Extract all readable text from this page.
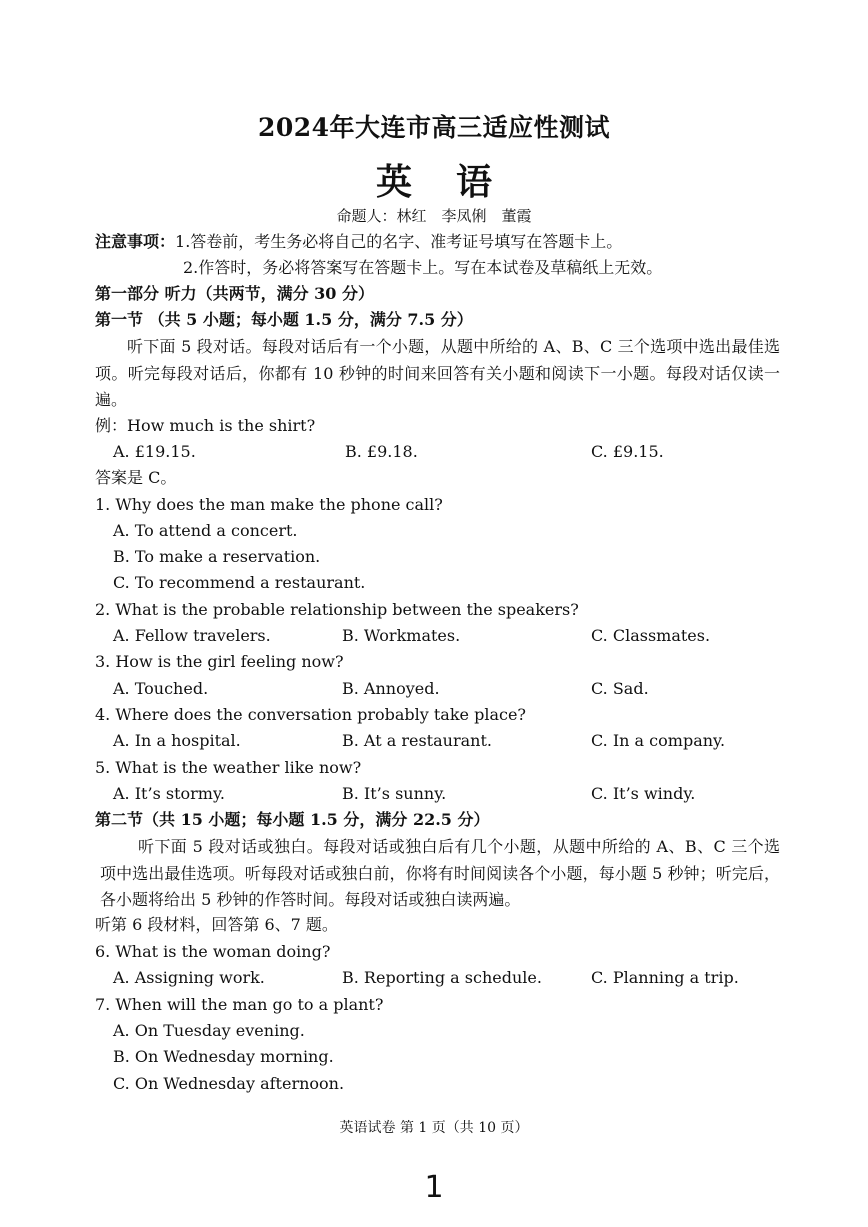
2024年大连市高三适应性测试
英 语
命题人：林红　李凤俐　董霞
注意事项：1.答卷前，考生务必将自己的名字、准考证号填写在答题卡上。
2.作答时，务必将答案写在答题卡上。写在本试卷及草稿纸上无效。
第一部分 听力（共两节，满分 30 分）
第一节 （共 5 小题；每小题 1.5 分，满分 7.5 分）
听下面 5 段对话。每段对话后有一个小题，从题中所给的 A、B、C 三个选项中选出最佳选项。听完每段对话后，你都有 10 秒钟的时间来回答有关小题和阅读下一小题。每段对话仅读一遍。
例：How much is the shirt?
A. £19.15.	B. £9.18.	C. £9.15.
答案是 C。
1. Why does the man make the phone call?
A. To attend a concert.
B. To make a reservation.
C. To recommend a restaurant.
2. What is the probable relationship between the speakers?
A. Fellow travelers.	B. Workmates.	C. Classmates.
3. How is the girl feeling now?
A. Touched.	B. Annoyed.	C. Sad.
4. Where does the conversation probably take place?
A. In a hospital.	B. At a restaurant.	C. In a company.
5. What is the weather like now?
A. It’s stormy.	B. It’s sunny.	C. It’s windy.
第二节（共 15 小题；每小题 1.5 分，满分 22.5 分）
听下面 5 段对话或独白。每段对话或独白后有几个小题，从题中所给的 A、B、C 三个选项中选出最佳选项。听每段对话或独白前，你将有时间阅读各个小题，每小题 5 秒钟；听完后，各小题将给出 5 秒钟的作答时间。每段对话或独白读两遍。
听第 6 段材料，回答第 6、7 题。
6. What is the woman doing?
A. Assigning work.	B. Reporting a schedule.	C. Planning a trip.
7. When will the man go to a plant?
A. On Tuesday evening.
B. On Wednesday morning.
C. On Wednesday afternoon.
英语试卷 第 1 页（共 10 页）
1
